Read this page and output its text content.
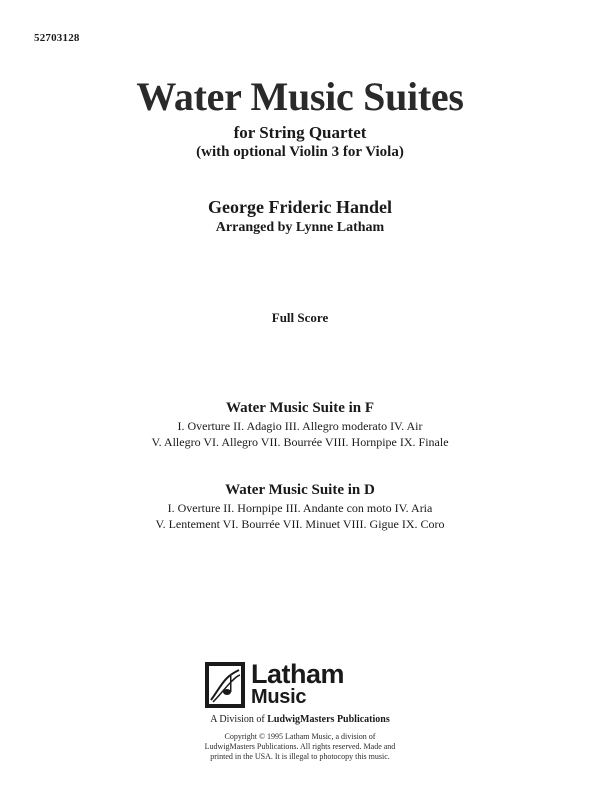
52703128
Water Music Suites
for String Quartet
(with optional Violin 3 for Viola)
George Frideric Handel
Arranged by Lynne Latham
Full Score
Water Music Suite in F
I. Overture II. Adagio III. Allegro moderato IV. Air
V. Allegro VI. Allegro VII. Bourrée VIII. Hornpipe IX. Finale
Water Music Suite in D
I. Overture II. Hornpipe III. Andante con moto IV. Aria
V. Lentement VI. Bourrée VII. Minuet VIII. Gigue IX. Coro
Latham
Music
A Division of LudwigMasters Publications
Copyright © 1995 Latham Music, a division of LudwigMasters Publications. All rights reserved. Made and printed in the USA. It is illegal to photocopy this music.
